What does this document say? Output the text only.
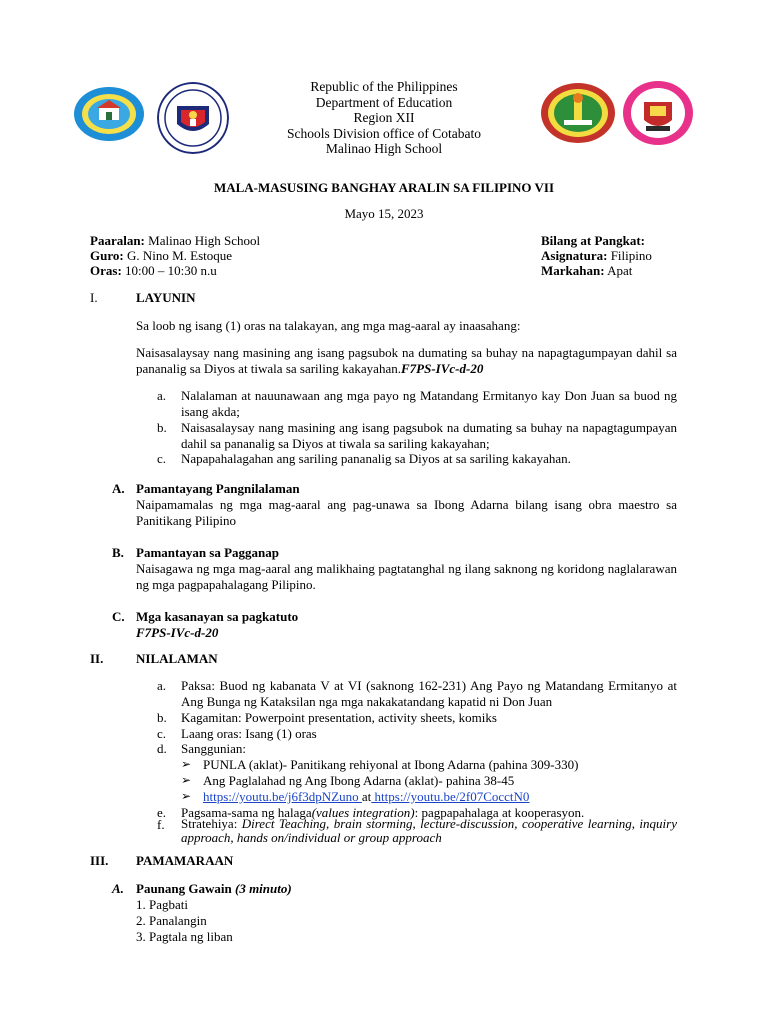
Republic of the Philippines
Department of Education
Region XII
Schools Division office of Cotabato
Malinao High School
MALA-MASUSING BANGHAY ARALIN SA FILIPINO VII
Mayo 15, 2023
Paaralan: Malinao High School
Guro: G. Nino M. Estoque
Oras: 10:00 – 10:30 n.u
Bilang at Pangkat:
Asignatura: Filipino
Markahan: Apat
I.	LAYUNIN
Sa loob ng isang (1) oras na talakayan, ang mga mag-aaral ay inaasahang:
Naisasalaysay nang masining ang isang pagsubok na dumating sa buhay na napagtagumpayan dahil sa pananalig sa Diyos at tiwala sa sariling kakayahan.F7PS-IVc-d-20
a. Nalalaman at nauunawaan ang mga payo ng Matandang Ermitanyo kay Don Juan sa buod ng isang akda;
b. Naisasalaysay nang masining ang isang pagsubok na dumating sa buhay na napagtagumpayan dahil sa pananalig sa Diyos at tiwala sa sariling kakayahan;
c. Napapahalagahan ang sariling pananalig sa Diyos at sa sariling kakayahan.
A. Pamantayang Pangnilalaman
Naipamamalas ng mga mag-aaral ang pag-unawa sa Ibong Adarna bilang isang obra maestro sa Panitikang Pilipino
B. Pamantayan sa Pagganap
Naisagawa ng mga mag-aaral ang malikhaing pagtatanghal ng ilang saknong ng koridong naglalarawan ng mga pagpapahalagang Pilipino.
C. Mga kasanayan sa pagkatuto
F7PS-IVc-d-20
II.	NILALAMAN
a. Paksa: Buod ng kabanata V at VI (saknong 162-231) Ang Payo ng Matandang Ermitanyo at Ang Bunga ng Kataksilan nga mga nakakatandang kapatid ni Don Juan
b. Kagamitan: Powerpoint presentation, activity sheets, komiks
c. Laang oras: Isang (1) oras
d. Sanggunian:
➢ PUNLA (aklat)- Panitikang rehiyonal at Ibong Adarna (pahina 309-330)
➢ Ang Paglalahad ng Ang Ibong Adarna (aklat)- pahina 38-45
➢ https://youtu.be/j6f3dpNZuno at https://youtu.be/2f07CocctN0
e. Pagsama-sama ng halaga(values integration): pagpapahalaga at kooperasyon.
f. Stratehiya: Direct Teaching, brain storming, lecture-discussion, cooperative learning, inquiry approach, hands on/individual or group approach
III. PAMAMARAAN
A. Paunang Gawain (3 minuto)
1. Pagbati
2. Panalangin
3. Pagtala ng liban
